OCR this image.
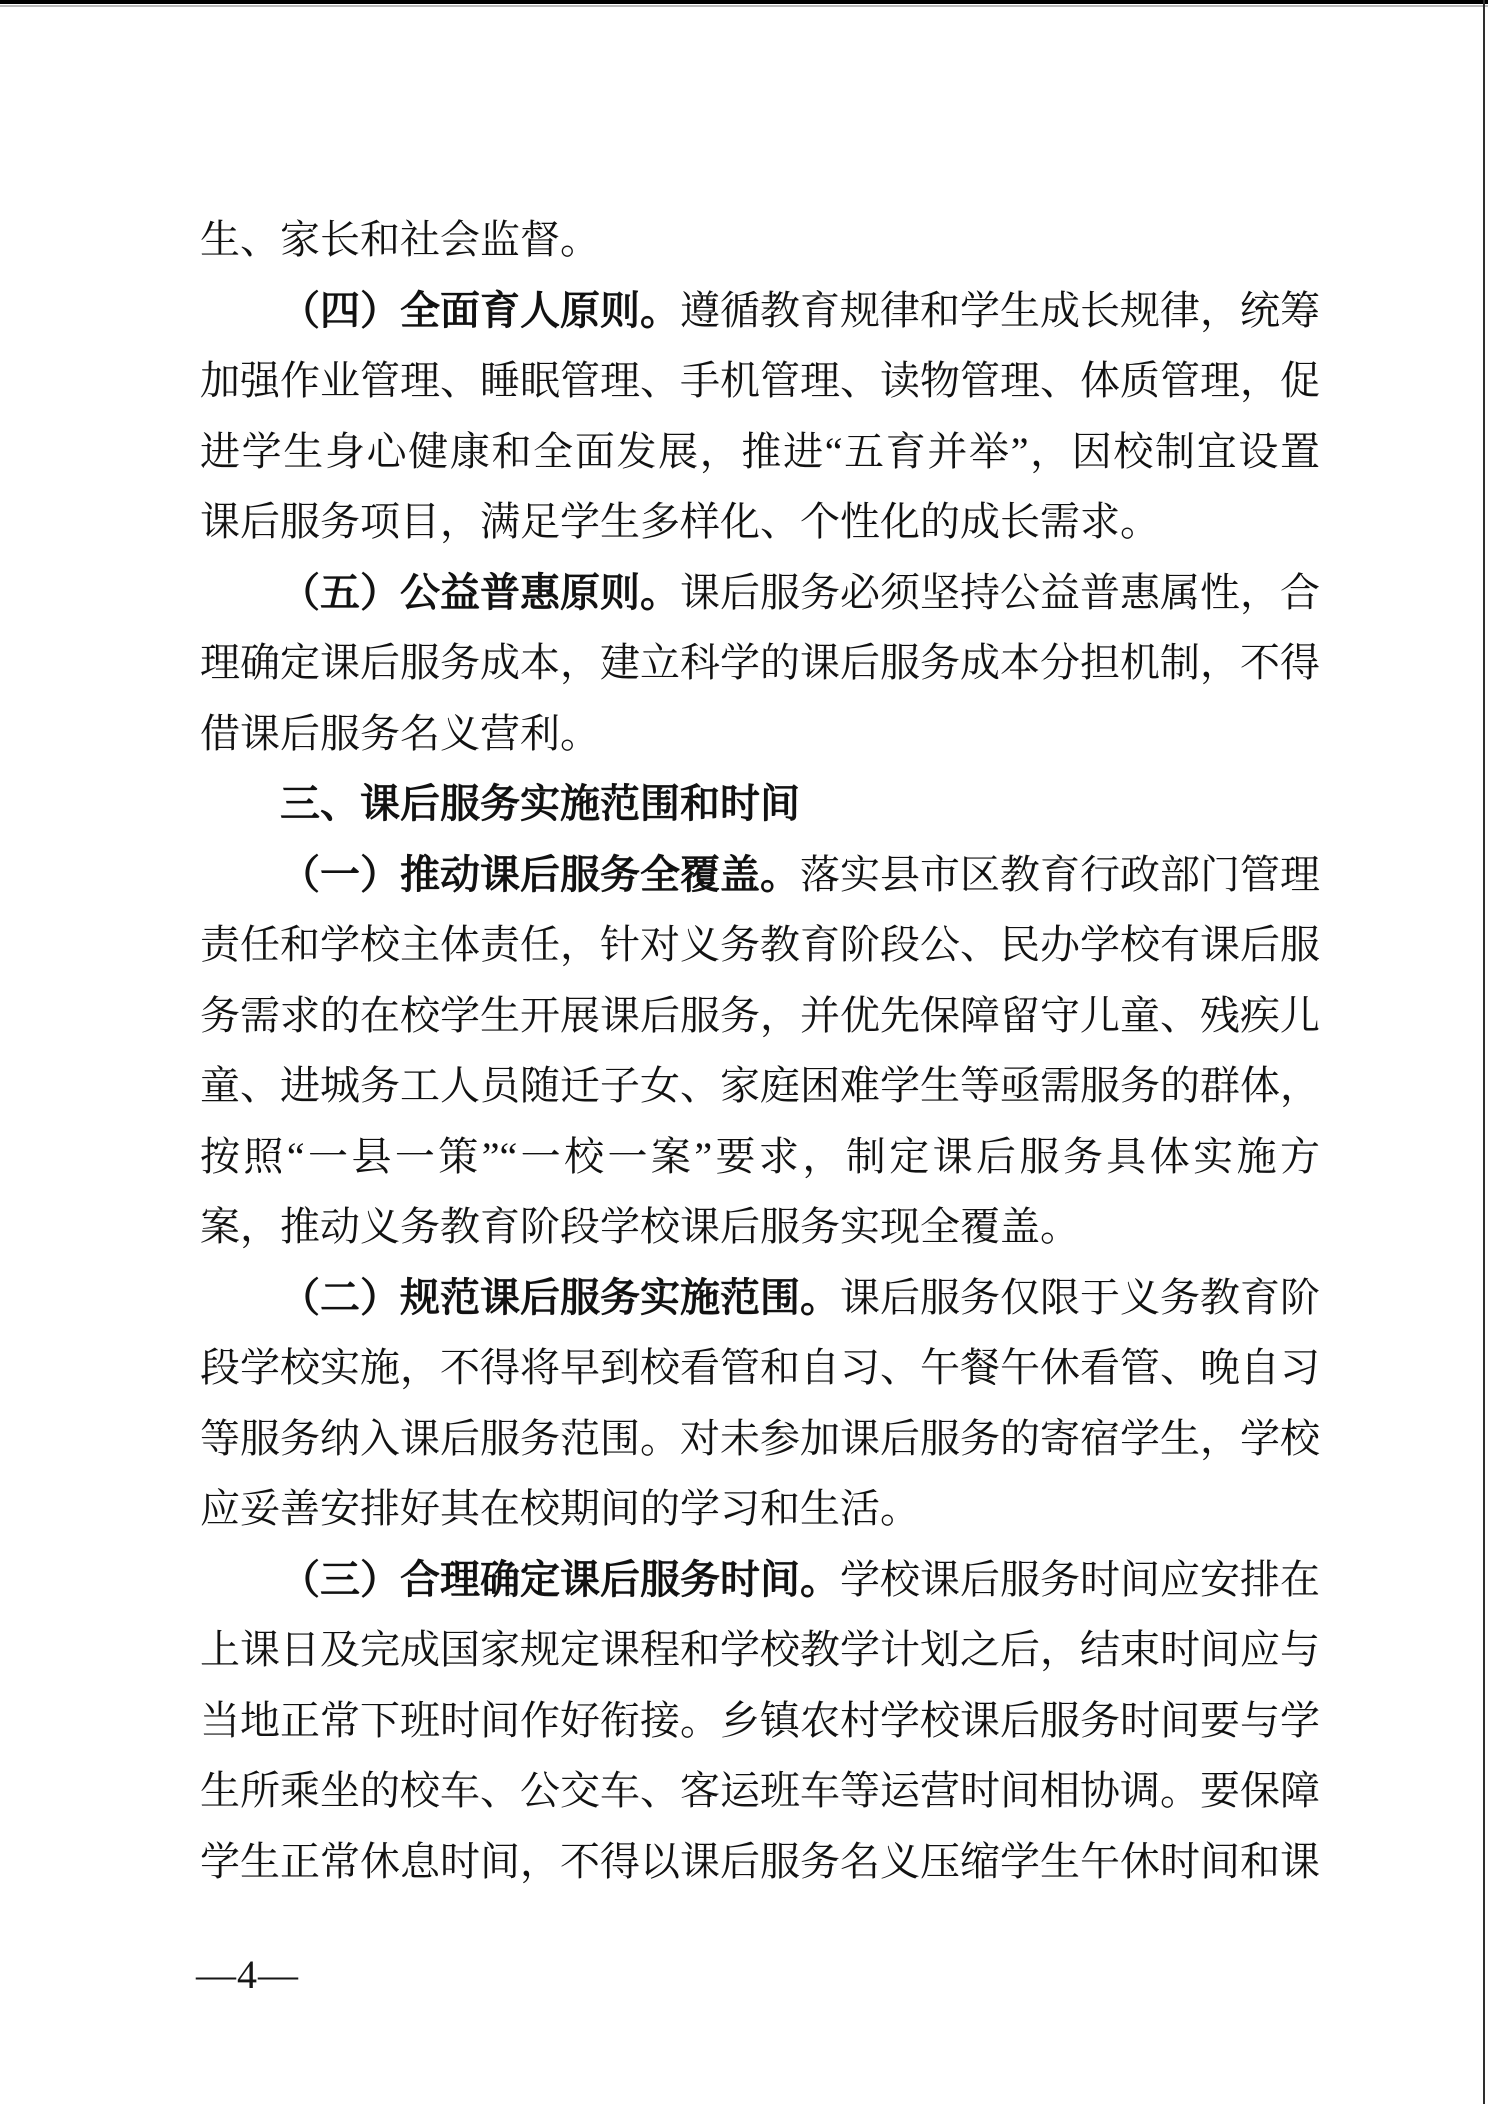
生、家长和社会监督。
（四）全面育人原则。遵循教育规律和学生成长规律，统筹
加强作业管理、睡眠管理、手机管理、读物管理、体质管理，促
进学生身心健康和全面发展，推进“五育并举”，因校制宜设置
课后服务项目，满足学生多样化、个性化的成长需求。
（五）公益普惠原则。课后服务必须坚持公益普惠属性，合
理确定课后服务成本，建立科学的课后服务成本分担机制，不得
借课后服务名义营利。
三、课后服务实施范围和时间
（一）推动课后服务全覆盖。落实县市区教育行政部门管理
责任和学校主体责任，针对义务教育阶段公、民办学校有课后服
务需求的在校学生开展课后服务，并优先保障留守儿童、残疾儿
童、进城务工人员随迁子女、家庭困难学生等亟需服务的群体，
按照“一县一策”“一校一案”要求，制定课后服务具体实施方
案，推动义务教育阶段学校课后服务实现全覆盖。
（二）规范课后服务实施范围。课后服务仅限于义务教育阶
段学校实施，不得将早到校看管和自习、午餐午休看管、晚自习
等服务纳入课后服务范围。对未参加课后服务的寄宿学生，学校
应妥善安排好其在校期间的学习和生活。
（三）合理确定课后服务时间。学校课后服务时间应安排在
上课日及完成国家规定课程和学校教学计划之后，结束时间应与
当地正常下班时间作好衔接。乡镇农村学校课后服务时间要与学
生所乘坐的校车、公交车、客运班车等运营时间相协调。要保障
学生正常休息时间，不得以课后服务名义压缩学生午休时间和课
—4—
